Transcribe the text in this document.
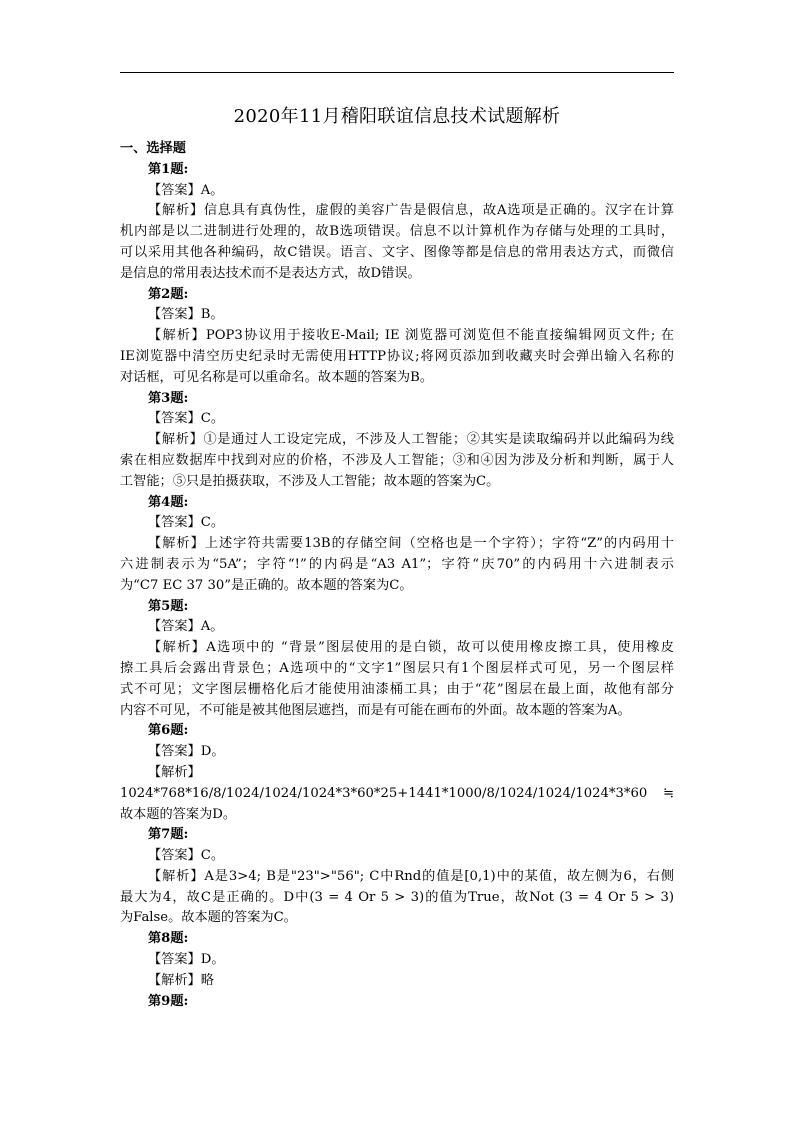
2020年11月稽阳联谊信息技术试题解析
一、选择题
第1题:
【答案】A。
【解析】信息具有真伪性，虚假的美容广告是假信息，故A选项是正确的。汉字在计算
机内部是以二进制进行处理的，故B选项错误。信息不以计算机作为存储与处理的工具时，
可以采用其他各种编码，故C错误。语言、文字、图像等都是信息的常用表达方式，而微信
是信息的常用表达技术而不是表达方式，故D错误。
第2题:
【答案】B。
【解析】POP3协议用于接收E-Mail; IE 浏览器可浏览但不能直接编辑网页文件; 在
IE浏览器中清空历史纪录时无需使用HTTP协议;将网页添加到收藏夹时会弹出输入名称的
对话框，可见名称是可以重命名。故本题的答案为B。
第3题:
【答案】C。
【解析】①是通过人工设定完成，不涉及人工智能；②其实是读取编码并以此编码为线
索在相应数据库中找到对应的价格，不涉及人工智能；③和④因为涉及分析和判断，属于人
工智能；⑤只是拍摄获取，不涉及人工智能；故本题的答案为C。
第4题:
【答案】C。
【解析】上述字符共需要13B的存储空间（空格也是一个字符）；字符“Z”的内码用十
六进制表示为“5A”；字符“!”的内码是“A3 A1”；字符“庆70”的内码用十六进制表示
为“C7 EC 37 30”是正确的。故本题的答案为C。
第5题:
【答案】A。
【解析】A选项中的 “背景”图层使用的是白锁，故可以使用橡皮擦工具，使用橡皮
擦工具后会露出背景色；A选项中的“文字1”图层只有1个图层样式可见，另一个图层样
式不可见；文字图层栅格化后才能使用油漆桶工具；由于“花”图层在最上面，故他有部分
内容不可见，不可能是被其他图层遮挡，而是有可能在画布的外面。故本题的答案为A。
第6题:
【答案】D。
【解析】
1024*768*16/8/1024/1024/1024*3*60*25+1441*1000/8/1024/1024/1024*3*60 ≒
故本题的答案为D。
第7题:
【答案】C。
【解析】A是3>4; B是"23">"56"; C中Rnd的值是[0,1)中的某值，故左侧为6，右侧
最大为4，故C是正确的。D中(3 = 4 Or 5 > 3)的值为True，故Not (3 = 4 Or 5 > 3)
为False。故本题的答案为C。
第8题:
【答案】D。
【解析】略
第9题:
